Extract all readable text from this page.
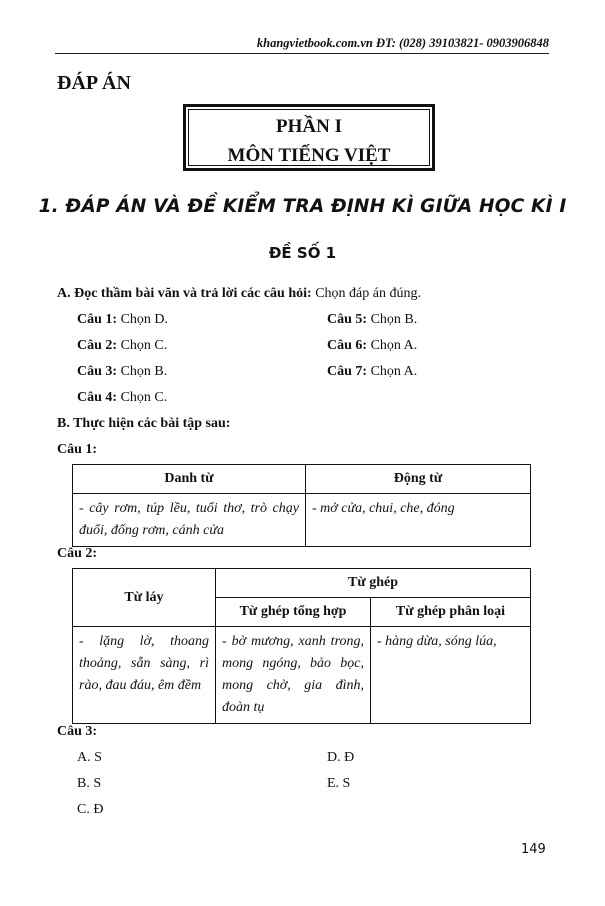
khangvietbook.com.vn ĐT: (028) 39103821- 0903906848
ĐÁP ÁN
PHẦN I
MÔN TIẾNG VIỆT
1. ĐÁP ÁN VÀ ĐỀ KIỂM TRA ĐỊNH KÌ GIỮA HỌC KÌ I
ĐỀ SỐ 1
A. Đọc thầm bài văn và trả lời các câu hỏi: Chọn đáp án đúng.
Câu 1: Chọn D.
Câu 2: Chọn C.
Câu 3: Chọn B.
Câu 4: Chọn C.
Câu 5: Chọn B.
Câu 6: Chọn A.
Câu 7: Chọn A.
B. Thực hiện các bài tập sau:
Câu 1:
Danh từ	Động từ
- cây rơm, túp lều, tuổi thơ, trò chạy đuổi, đống rơm, cánh cửa	- mở cửa, chui, che, đóng
Câu 2:
Từ láy	Từ ghép	
	Từ ghép tổng hợp	Từ ghép phân loại
- lặng lờ, thoang thoảng, sẵn sàng, rì rào, đau đáu, êm đềm	- bờ mương, xanh trong, mong ngóng, bảo bọc, mong chờ, gia đình, đoàn tụ	- hàng dừa, sóng lúa,
Câu 3:
A. S
B. S
C. Đ
D. Đ
E. S
149
